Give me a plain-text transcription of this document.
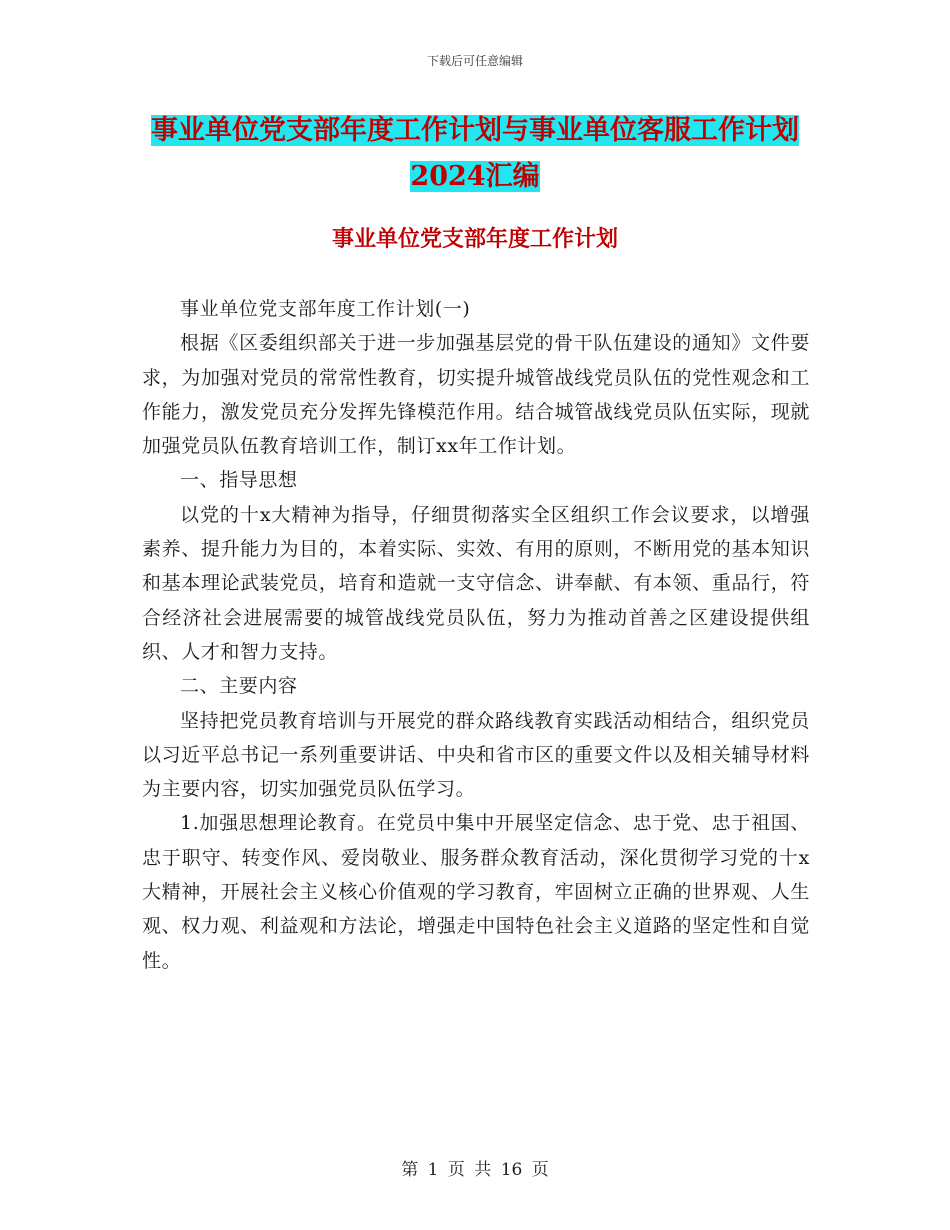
下载后可任意编辑
事业单位党支部年度工作计划与事业单位客服工作计划2024汇编
事业单位党支部年度工作计划

事业单位党支部年度工作计划(一)

根据《区委组织部关于进一步加强基层党的骨干队伍建设的通知》文件要求，为加强对党员的常常性教育，切实提升城管战线党员队伍的党性观念和工作能力，激发党员充分发挥先锋模范作用。结合城管战线党员队伍实际，现就加强党员队伍教育培训工作，制订xx年工作计划。

一、指导思想

以党的十x大精神为指导，仔细贯彻落实全区组织工作会议要求，以增强素养、提升能力为目的，本着实际、实效、有用的原则，不断用党的基本知识和基本理论武装党员，培育和造就一支守信念、讲奉献、有本领、重品行，符合经济社会进展需要的城管战线党员队伍，努力为推动首善之区建设提供组织、人才和智力支持。

二、主要内容

坚持把党员教育培训与开展党的群众路线教育实践活动相结合，组织党员以习近平总书记一系列重要讲话、中央和省市区的重要文件以及相关辅导材料为主要内容，切实加强党员队伍学习。

1.加强思想理论教育。在党员中集中开展坚定信念、忠于党、忠于祖国、忠于职守、转变作风、爱岗敬业、服务群众教育活动，深化贯彻学习党的十x大精神，开展社会主义核心价值观的学习教育，牢固树立正确的世界观、人生观、权力观、利益观和方法论，增强走中国特色社会主义道路的坚定性和自觉性。

第 1 页 共 16 页
